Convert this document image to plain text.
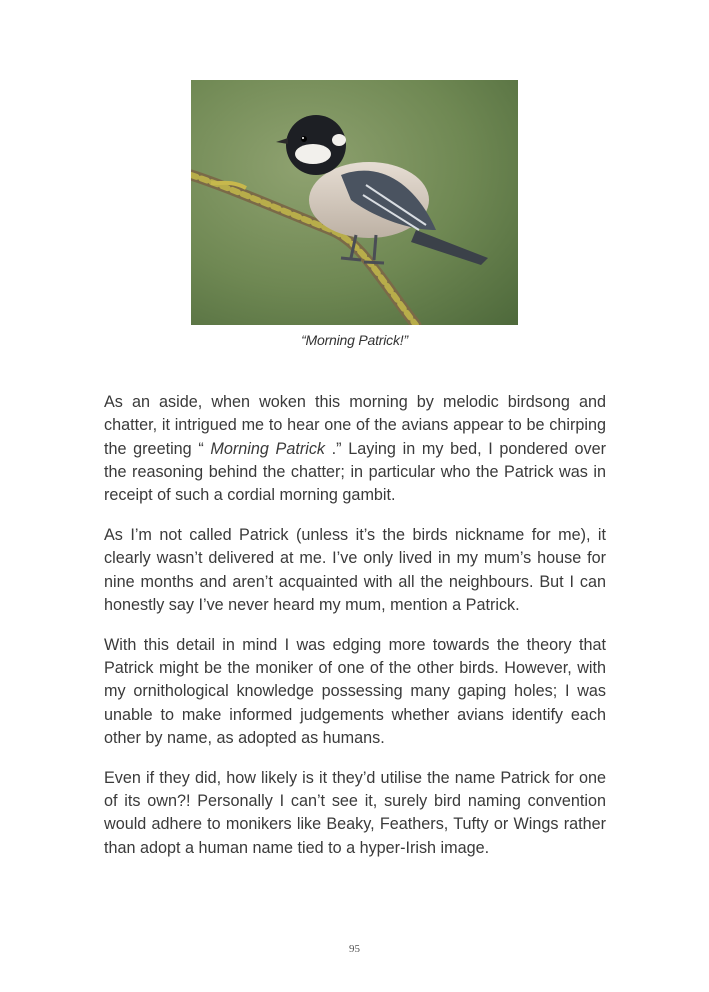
“Morning Patrick!”

As an aside, when woken this morning by melodic birdsong and chatter, it intrigued me to hear one of the avians appear to be chirping the greeting “ Morning Patrick .” Laying in my bed, I pondered over the reasoning behind the chatter; in particular who the Patrick was in receipt of such a cordial morning gambit.

As I’m not called Patrick (unless it’s the birds nickname for me), it clearly wasn’t delivered at me. I’ve only lived in my mum’s house for nine months and aren’t acquainted with all the neighbours. But I can honestly say I’ve never heard my mum, mention a Patrick.

With this detail in mind I was edging more towards the theory that Patrick might be the moniker of one of the other birds. However, with my ornithological knowledge possessing many gaping holes; I was unable to make informed judgements whether avians identify each other by name, as adopted as humans.

Even if they did, how likely is it they’d utilise the name Patrick for one of its own?! Personally I can’t see it, surely bird naming convention would adhere to monikers like Beaky, Feathers, Tufty or Wings rather than adopt a human name tied to a hyper-Irish image.

95
